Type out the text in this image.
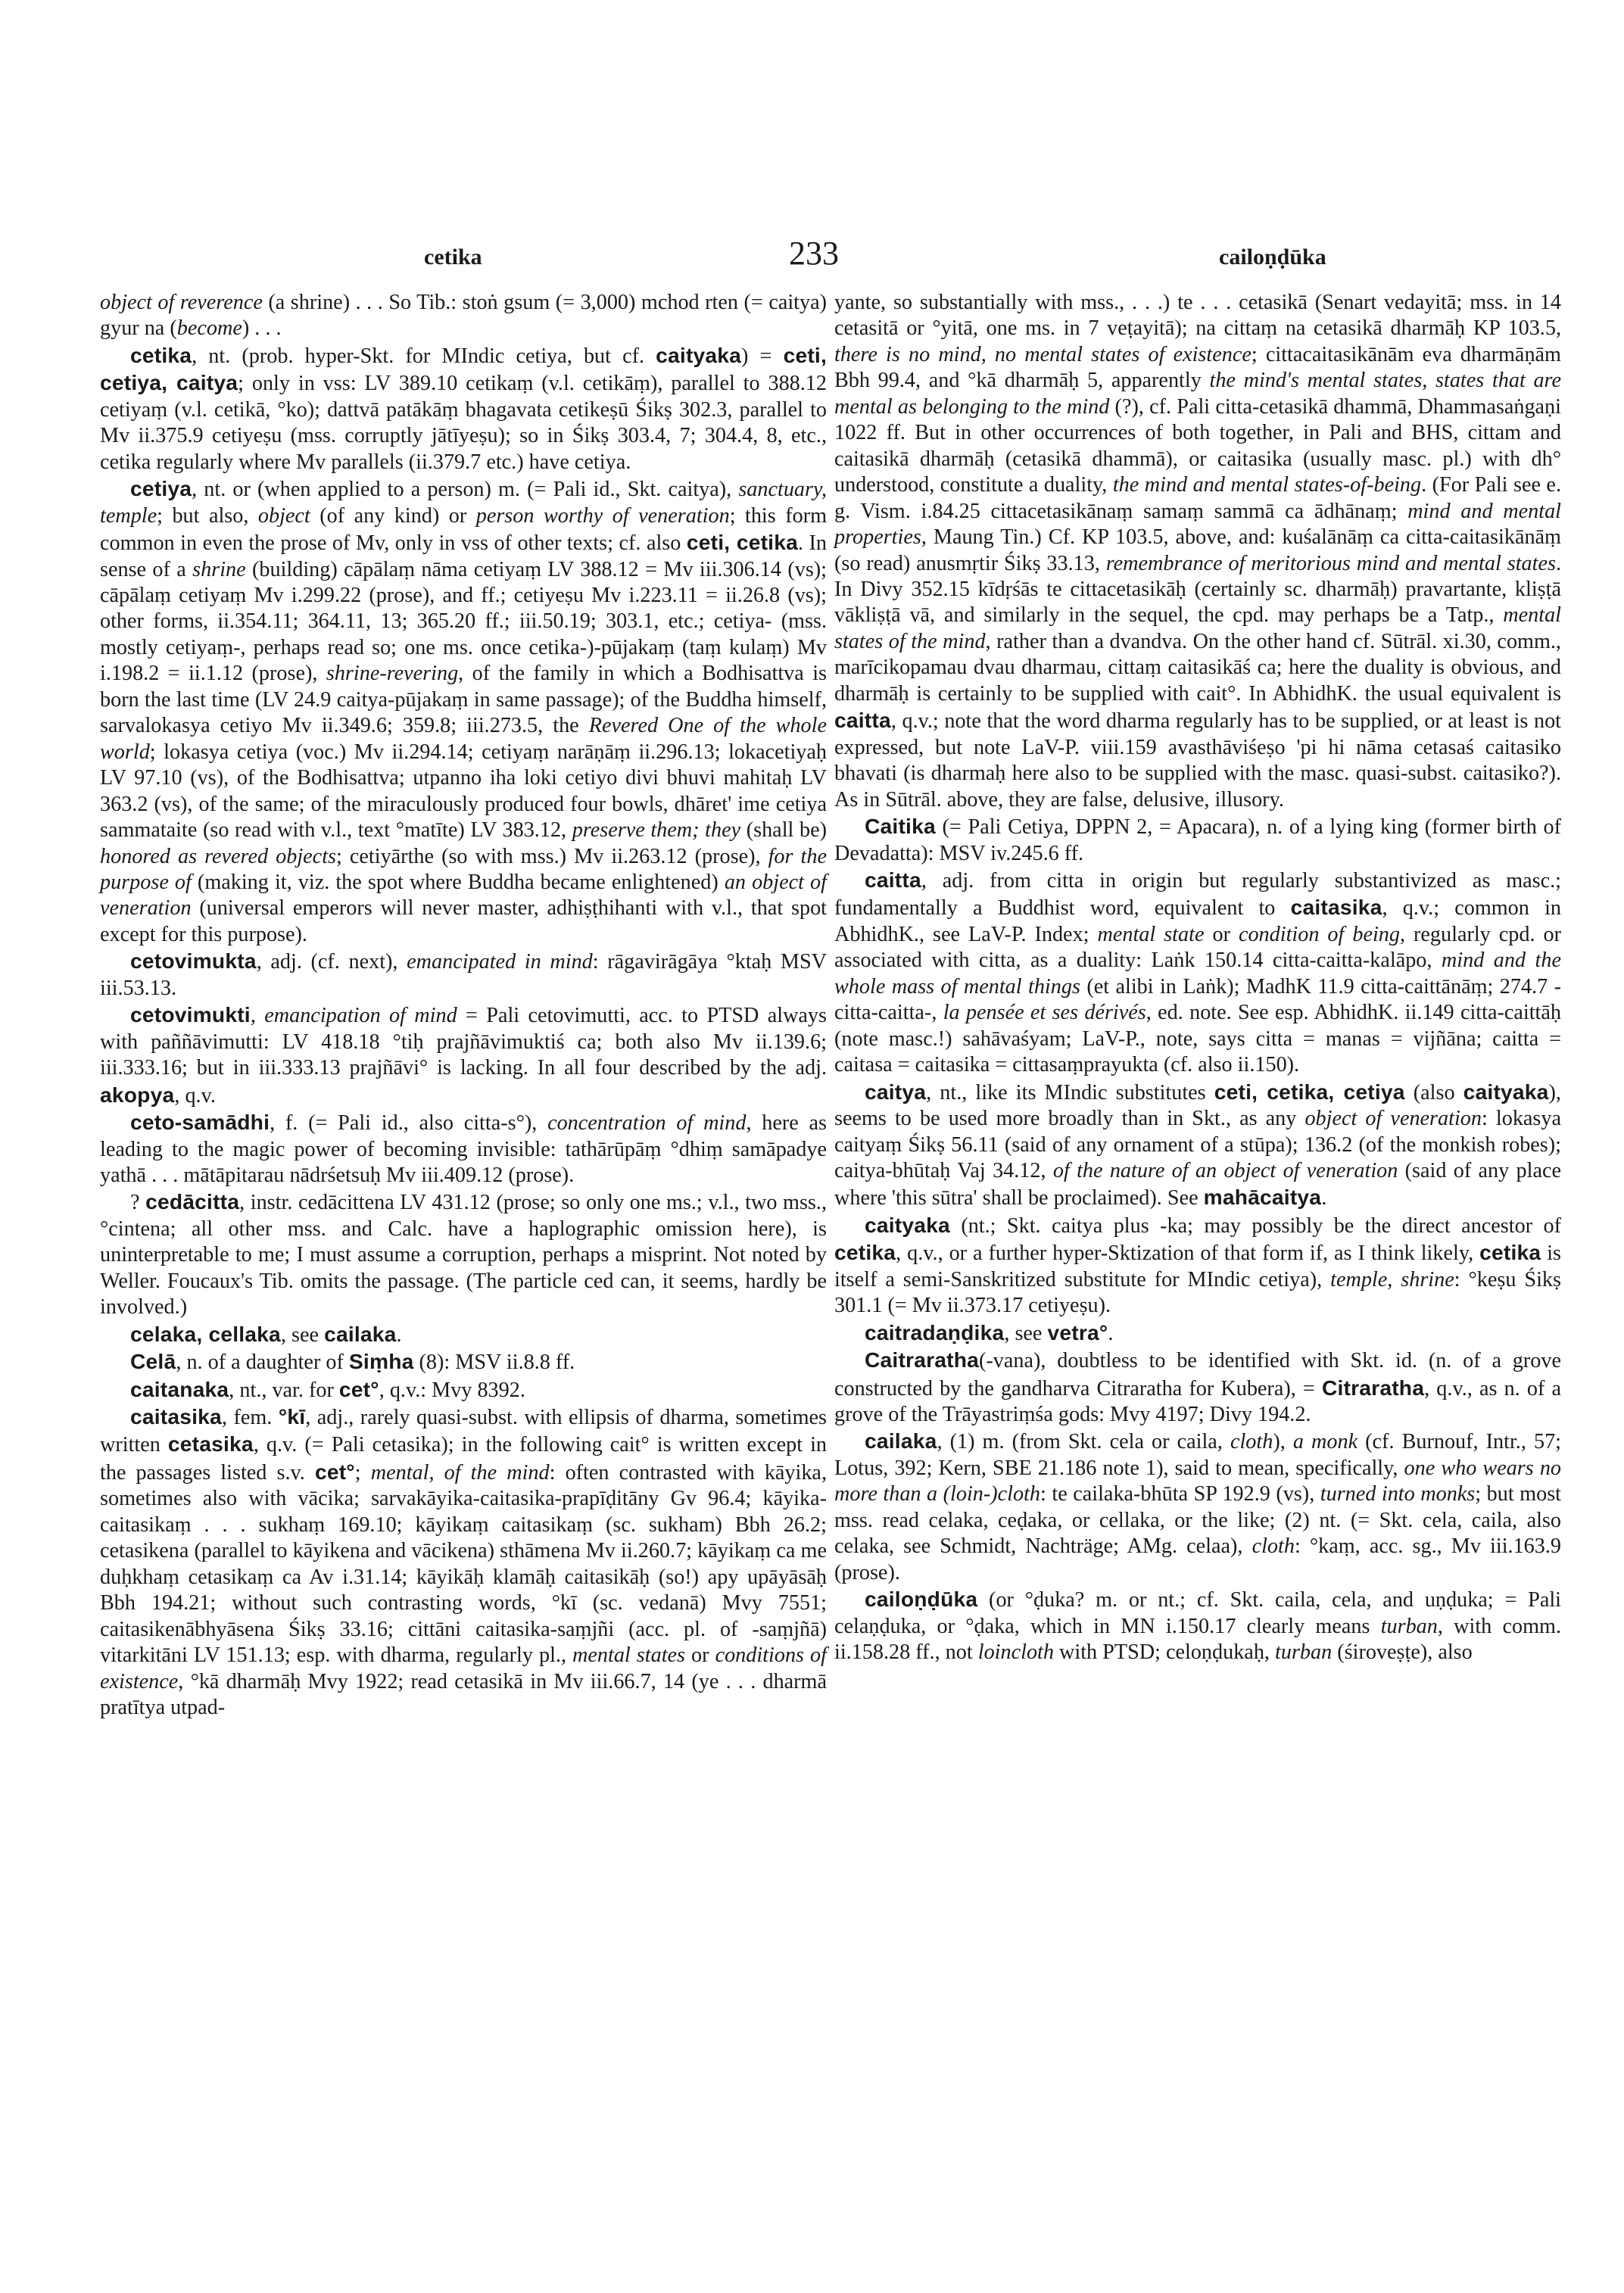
cetika	233	cailoṇḍūka

object of reverence (a shrine) . . . So Tib.: stoṅ gsum (= 3,000) mchod rten (= caitya) gyur na (become) . . .

cetika, nt. (prob. hyper-Skt. for MIndic cetiya, but cf. caityaka) = ceti, cetiya, caitya; only in vss: LV 389.10 cetikaṃ (v.l. cetikāṃ), parallel to 388.12 cetiyaṃ (v.l. cetikā, °ko); dattvā patākāṃ bhagavata cetikeṣū Śikṣ 302.3, parallel to Mv ii.375.9 cetiyeṣu (mss. corruptly jātīyeṣu); so in Śikṣ 303.4, 7; 304.4, 8, etc., cetika regularly where Mv parallels (ii.379.7 etc.) have cetiya.

cetiya, nt. or (when applied to a person) m. (= Pali id., Skt. caitya), sanctuary, temple; but also, object (of any kind) or person worthy of veneration; this form common in even the prose of Mv, only in vss of other texts; cf. also ceti, cetika. In sense of a shrine (building) cāpālaṃ nāma cetiyaṃ LV 388.12 = Mv iii.306.14 (vs); cāpālaṃ cetiyaṃ Mv i.299.22 (prose), and ff.; cetiyeṣu Mv i.223.11 = ii.26.8 (vs); other forms, ii.354.11; 364.11, 13; 365.20 ff.; iii.50.19; 303.1, etc.; cetiya- (mss. mostly cetiyaṃ-, perhaps read so; one ms. once cetika-)-pūjakaṃ (taṃ kulaṃ) Mv i.198.2 = ii.1.12 (prose), shrine-revering, of the family in which a Bodhisattva is born the last time (LV 24.9 caitya-pūjakaṃ in same passage); of the Buddha himself, sarvalokasya cetiyo Mv ii.349.6; 359.8; iii.273.5, the Revered One of the whole world; lokasya cetiya (voc.) Mv ii.294.14; cetiyaṃ narāṇāṃ ii.296.13; lokacetiyaḥ LV 97.10 (vs), of the Bodhisattva; utpanno iha loki cetiyo divi bhuvi mahitaḥ LV 363.2 (vs), of the same; of the miraculously produced four bowls, dhāret' ime cetiya sammataite (so read with v.l., text °matīte) LV 383.12, preserve them; they (shall be) honored as revered objects; cetiyārthe (so with mss.) Mv ii.263.12 (prose), for the purpose of (making it, viz. the spot where Buddha became enlightened) an object of veneration (universal emperors will never master, adhiṣṭhihanti with v.l., that spot except for this purpose).

cetovimukta, adj. (cf. next), emancipated in mind: rāgavirāgāya °ktaḥ MSV iii.53.13.

cetovimukti, emancipation of mind = Pali cetovimutti, acc. to PTSD always with paññāvimutti: LV 418.18 °tiḥ prajñāvimuktiś ca; both also Mv ii.139.6; iii.333.16; but in iii.333.13 prajñāvi° is lacking. In all four described by the adj. akopya, q.v.

ceto-samādhi, f. (= Pali id., also citta-s°), concentration of mind, here as leading to the magic power of becoming invisible: tathārūpāṃ °dhiṃ samāpadye yathā . . . mātāpitarau nādrśetsuḥ Mv iii.409.12 (prose).

? cedācitta, instr. cedācittena LV 431.12 (prose; so only one ms.; v.l., two mss., °cintena; all other mss. and Calc. have a haplographic omission here), is uninterpretable to me; I must assume a corruption, perhaps a misprint. Not noted by Weller. Foucaux's Tib. omits the passage. (The particle ced can, it seems, hardly be involved.)

celaka, cellaka, see cailaka.

Celā, n. of a daughter of Siṃha (8): MSV ii.8.8 ff.

caitanaka, nt., var. for cet°, q.v.: Mvy 8392.

caitasika, fem. °kī, adj., rarely quasi-subst. with ellipsis of dharma, sometimes written cetasika, q.v. (= Pali cetasika); in the following cait° is written except in the passages listed s.v. cet°; mental, of the mind: often contrasted with kāyika, sometimes also with vācika; sarvakāyika-caitasika-prapīḍitāny Gv 96.4; kāyika-caitasikaṃ . . . sukhaṃ 169.10; kāyikaṃ caitasikaṃ (sc. sukham) Bbh 26.2; cetasikena (parallel to kāyikena and vācikena) sthāmena Mv ii.260.7; kāyikaṃ ca me duḥkhaṃ cetasikaṃ ca Av i.31.14; kāyikāḥ klamāḥ caitasikāḥ (so!) apy upāyāsāḥ Bbh 194.21; without such contrasting words, °kī (sc. vedanā) Mvy 7551; caitasikenābhyāsena Śikṣ 33.16; cittāni caitasika-saṃjñi (acc. pl. of -saṃjñā) vitarkitāni LV 151.13; esp. with dharma, regularly pl., mental states or conditions of existence, °kā dharmāḥ Mvy 1922; read cetasikā in Mv iii.66.7, 14 (ye . . . dharmā pratītya utpad-

yante, so substantially with mss., . . .) te . . . cetasikā (Senart vedayitā; mss. in 14 cetasitā or °yitā, one ms. in 7 veṭayitā); na cittaṃ na cetasikā dharmāḥ KP 103.5, there is no mind, no mental states of existence; cittacaitasikānām eva dharmāṇām Bbh 99.4, and °kā dharmāḥ 5, apparently the mind's mental states, states that are mental as belonging to the mind (?), cf. Pali citta-cetasikā dhammā, Dhammasaṅgaṇi 1022 ff. But in other occurrences of both together, in Pali and BHS, cittam and caitasikā dharmāḥ (cetasikā dhammā), or caitasika (usually masc. pl.) with dh° understood, constitute a duality, the mind and mental states-of-being. (For Pali see e. g. Vism. i.84.25 cittacetasikānaṃ samaṃ sammā ca ādhānaṃ; mind and mental properties, Maung Tin.) Cf. KP 103.5, above, and: kuśalānāṃ ca citta-caitasikānāṃ (so read) anusmṛtir Śikṣ 33.13, remembrance of meritorious mind and mental states. In Divy 352.15 kīdṛśās te cittacetasikāḥ (certainly sc. dharmāḥ) pravartante, kliṣṭā vākliṣṭā vā, and similarly in the sequel, the cpd. may perhaps be a Tatp., mental states of the mind, rather than a dvandva. On the other hand cf. Sūtrāl. xi.30, comm., marīcikopamau dvau dharmau, cittaṃ caitasikāś ca; here the duality is obvious, and dharmāḥ is certainly to be supplied with cait°. In AbhidhK. the usual equivalent is caitta, q.v.; note that the word dharma regularly has to be supplied, or at least is not expressed, but note LaV-P. viii.159 avasthāviśeṣo 'pi hi nāma cetasaś caitasiko bhavati (is dharmaḥ here also to be supplied with the masc. quasi-subst. caitasiko?). As in Sūtrāl. above, they are false, delusive, illusory.

Caitika (= Pali Cetiya, DPPN 2, = Apacara), n. of a lying king (former birth of Devadatta): MSV iv.245.6 ff.

caitta, adj. from citta in origin but regularly substantivized as masc.; fundamentally a Buddhist word, equivalent to caitasika, q.v.; common in AbhidhK., see LaV-P. Index; mental state or condition of being, regularly cpd. or associated with citta, as a duality: Laṅk 150.14 citta-caitta-kalāpo, mind and the whole mass of mental things (et alibi in Laṅk); MadhK 11.9 citta-caittānāṃ; 274.7 -citta-caitta-, la pensée et ses dérivés, ed. note. See esp. AbhidhK. ii.149 citta-caittāḥ (note masc.!) sahāvaśyam; LaV-P., note, says citta = manas = vijñāna; caitta = caitasa = caitasika = cittasaṃprayukta (cf. also ii.150).

caitya, nt., like its MIndic substitutes ceti, cetika, cetiya (also caityaka), seems to be used more broadly than in Skt., as any object of veneration: lokasya caityaṃ Śikṣ 56.11 (said of any ornament of a stūpa); 136.2 (of the monkish robes); caitya-bhūtaḥ Vaj 34.12, of the nature of an object of veneration (said of any place where 'this sūtra' shall be proclaimed). See mahācaitya.

caityaka (nt.; Skt. caitya plus -ka; may possibly be the direct ancestor of cetika, q.v., or a further hyper-Sktization of that form if, as I think likely, cetika is itself a semi-Sanskritized substitute for MIndic cetiya), temple, shrine: °keṣu Śikṣ 301.1 (= Mv ii.373.17 cetiyeṣu).

caitradaṇḍika, see vetra°.

Caitraratha(-vana), doubtless to be identified with Skt. id. (n. of a grove constructed by the gandharva Citraratha for Kubera), = Citraratha, q.v., as n. of a grove of the Trāyastriṃśa gods: Mvy 4197; Divy 194.2.

cailaka, (1) m. (from Skt. cela or caila, cloth), a monk (cf. Burnouf, Intr., 57; Lotus, 392; Kern, SBE 21.186 note 1), said to mean, specifically, one who wears no more than a (loin-)cloth: te cailaka-bhūta SP 192.9 (vs), turned into monks; but most mss. read celaka, ceḍaka, or cellaka, or the like; (2) nt. (= Skt. cela, caila, also celaka, see Schmidt, Nachträge; AMg. celaa), cloth: °kaṃ, acc. sg., Mv iii.163.9 (prose).

cailoṇḍūka (or °ḍuka? m. or nt.; cf. Skt. caila, cela, and uṇḍuka; = Pali celaṇḍuka, or °ḍaka, which in MN i.150.17 clearly means turban, with comm. ii.158.28 ff., not loincloth with PTSD; celoṇḍukaḥ, turban (śiroveṣṭe), also
